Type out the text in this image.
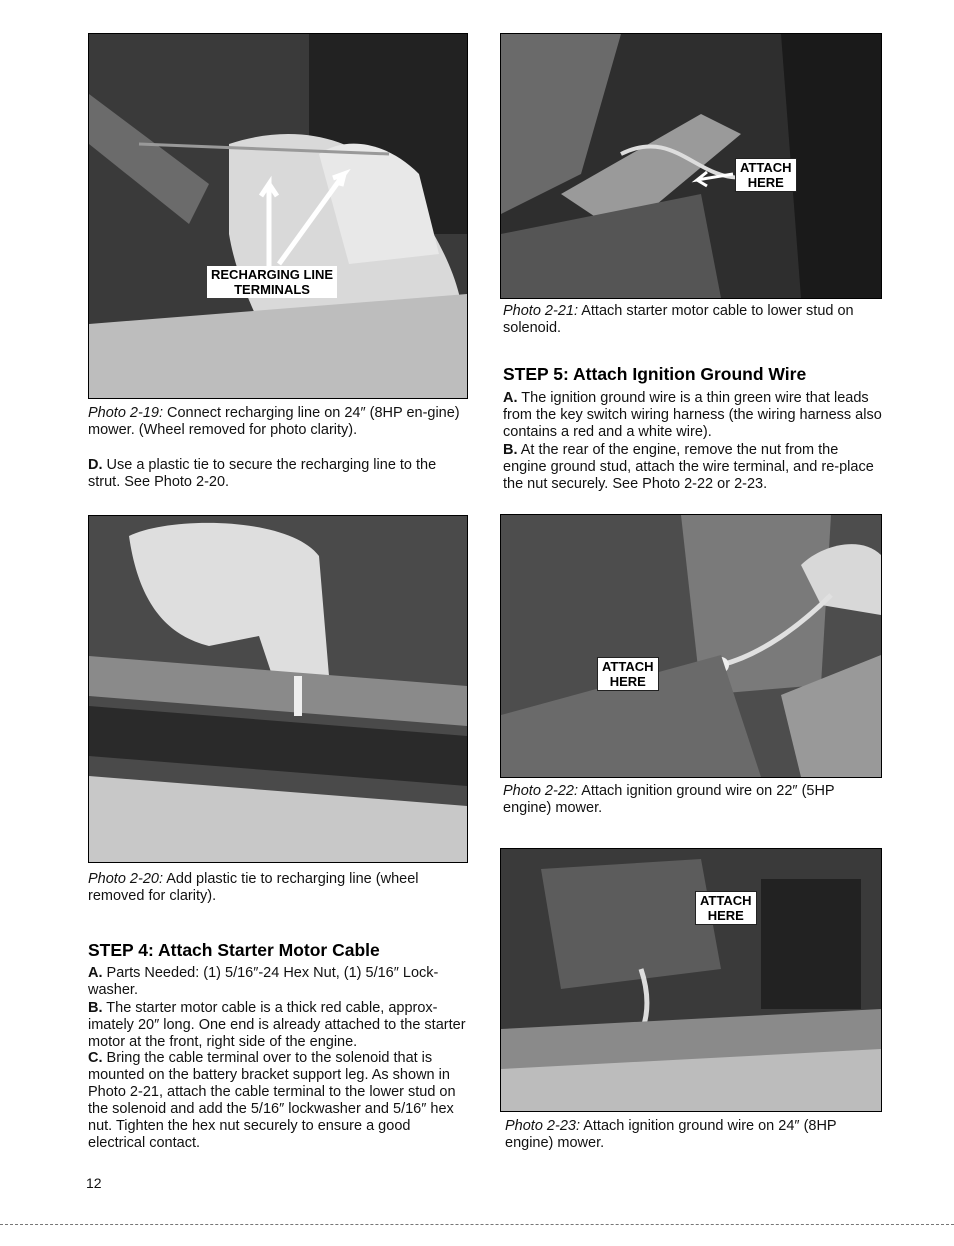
RECHARGING LINE
TERMINALS
Photo 2-19: Connect recharging line on 24″ (8HP en-gine) mower. (Wheel removed for photo clarity).
D. Use a plastic tie to secure the recharging line to the strut. See Photo 2-20.
Photo 2-20: Add plastic tie to recharging line (wheel removed for clarity).
STEP 4: Attach Starter Motor Cable
A. Parts Needed: (1) 5/16″-24 Hex Nut, (1) 5/16″ Lock-washer.
B. The starter motor cable is a thick red cable, approx-imately 20″ long. One end is already attached to the starter motor at the front, right side of the engine.
C. Bring the cable terminal over to the solenoid that is mounted on the battery bracket support leg. As shown in Photo 2-21, attach the cable terminal to the lower stud on the solenoid and add the 5/16″ lockwasher and 5/16″ hex nut. Tighten the hex nut securely to ensure a good electrical contact.
ATTACH
HERE
Photo 2-21: Attach starter motor cable to lower stud on solenoid.
STEP 5: Attach Ignition Ground Wire
A. The ignition ground wire is a thin green wire that leads from the key switch wiring harness (the wiring harness also contains a red and a white wire).
B. At the rear of the engine, remove the nut from the engine ground stud, attach the wire terminal, and re-place the nut securely. See Photo 2-22 or 2-23.
ATTACH
HERE
Photo 2-22: Attach ignition ground wire on 22″ (5HP engine) mower.
ATTACH
HERE
Photo 2-23: Attach ignition ground wire on 24″ (8HP engine) mower.
12
